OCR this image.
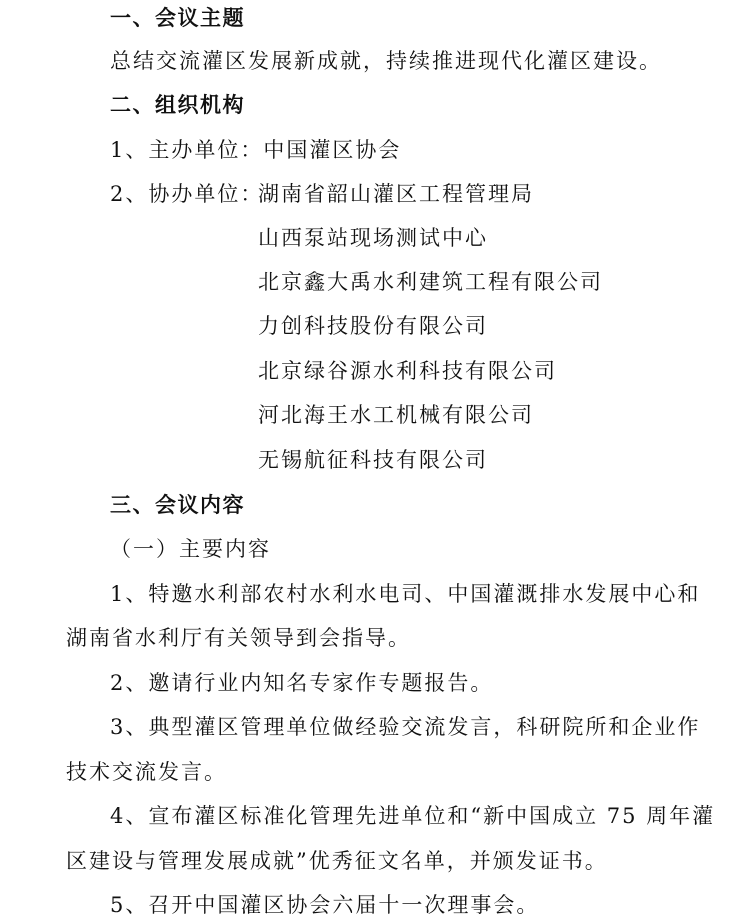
一、会议主题
总结交流灌区发展新成就，持续推进现代化灌区建设。
二、组织机构
1、主办单位：中国灌区协会
2、协办单位：
湖南省韶山灌区工程管理局
山西泵站现场测试中心
北京鑫大禹水利建筑工程有限公司
力创科技股份有限公司
北京绿谷源水利科技有限公司
河北海王水工机械有限公司
无锡航征科技有限公司
三、会议内容
（一）主要内容
1、特邀水利部农村水利水电司、中国灌溉排水发展中心和
湖南省水利厅有关领导到会指导。
2、邀请行业内知名专家作专题报告。
3、典型灌区管理单位做经验交流发言，科研院所和企业作
技术交流发言。
4、宣布灌区标准化管理先进单位和“新中国成立 75 周年灌
区建设与管理发展成就”优秀征文名单，并颁发证书。
5、召开中国灌区协会六届十一次理事会。
